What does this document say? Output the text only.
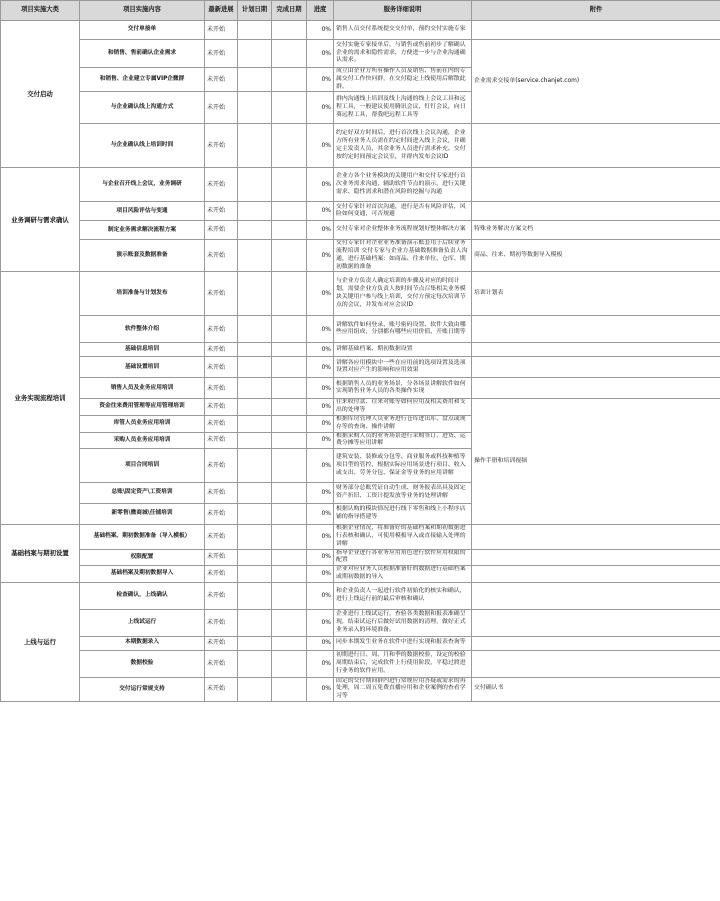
项目实施大类	项目实施内容	最新进展	计划日期	完成日期	进度	服务详细说明	附件
交付启动	交付单接单	未开始			0%	销售人员交付系统提交交付单，预约交付实施专家	
	和销售、售前确认企业需求	未开始			0%	交付实施专家接单后，与销售或售前初步了解确认企业的需求和隐性需求，方便进一步与企业沟通确认需求。	企业需求交接单(service.chanjet.com)

	和销售、企业建立专属VIP企微群	未开始			0%	成立由企业方所有操作人员及销售、售前在内的专属交付工作快问群，在交付稳定上线使用后解散此群。	
	与企业确认线上沟通方式	未开始			0%	群内沟通线上培训及线上沟通的线上会议工具和远程工具，一般建议使用腾讯会议、钉钉会议，向日葵远程工具，帮我吧远程工具等	
	与企业确认线上培训时间	未开始			0%	约定好双方时间后，进行首次线上会议沟通，企业方所有业务人员需在约定时间进入线上会议，并确定主发责人员，其余业务人员进行需求补充。交付按约定时间预定会议室，并群内发布会议ID	
业务调研与需求确认	与企业召开线上会议，业务调研	未开始			0%	企业方各个业务模块的关键用户和交付专家进行首次业务需求沟通，辅助软件节点的演示，进行关键需求、隐性需求和潜在风险的挖掘与沟通	
	项目风险评估与变通	未开始			0%	交付专家针对首次沟通，进行是否有风险评估，风险如何变通，可否规避	
	制定业务需求解决流程方案	未开始			0%	交付专家对企业整体业务流程规划好整体解决方案	特殊业务解决方案文档

	演示账套及数据准备	未开始			0%	交付专家针对企业业务准备演示账套用于后续业务流程培训 交付专家与企业方基础数据准备负责人沟通，进行基础档案：如商品、往来单位、仓库、期初数据的准备	商品、往来、期初等数据导入模板

业务实现流程培训	培训准备与计划发布	未开始			0%	与企业方负责人确定培训的步骤及对应的时间计划，需要企业方负责人按时间节点召集相关业务模块关键用户参与线上培训，交付方预定每次培训节点的会议，并发布对应会议ID	培训计划表

	软件整体介绍	未开始			0%	讲解软件如何登录、账号密码设置、软件大致由哪些应用组成，分别都有哪些应用价值、开账日期等	
	基础信息培训	未开始			0%	讲解基础档案、期初数据设置	
	基础设置培训	未开始			0%	讲解各应用模块中一些在应用前的选项设置及选项设置对应产生的影响和应用效果	
	销售人员及业务应用培训	未开始			0%	根据销售人员的业务场景，分各场景讲解软件如何实现销售业务人员的各类操作实现	
	资金往来费用管理等应用管理培训	未开始			0%	往来收付款、往来对账等如何应用及相关费用和支出的处理等	操作手册和培训视频

	库管人员业务应用培训	未开始			0%	根据库房管理人员业务进行仓库进出库、盘点或现存等的查询、操作讲解	
	采购人员业务应用培训	未开始			0%	根据采购人员的业务场景进行采购签订、进货、运费分摊等应用讲解	
	项目合同培训	未开始			0%	建筑安装、装修或分包等、商业服务或科技种植等项目型的管控，根据实际应用场景进行项目、收入或支出、劳务分包、保证金等业务的应用讲解	
	总账\固定资产\工资培训	未开始			0%	财务部分总账凭证自动生成、财务报表出具及固定资产折旧、工资计提发放等业务的处理讲解	
	新零售\微商城\任铺培训	未开始			0%	根据认购的模块情况进行线下零售和线上小程序店铺的指导搭建等	
基础档案与期初设置	基础档案、期初数据准备（导入模板）	未开始			0%	根据企业情况，将准备好的基础档案和期初数据进行表核和确认，可使用模板导入或直接输入处理的讲解	
	权限配置	未开始			0%	指导企业进行各业务应用角色进行软件应用权限的配置	
	基础档案及期初数据导入	未开始			0%	企业对应业务人员根据准备好的数据进行基础档案或期初数据的导入	
上线与运行	检查确认，上线确认	未开始			0%	和企业负责人一起进行软件初始化的核实和确认，进行上线运行前的最后审核和确认	
	上线试运行	未开始			0%	企业进行上线试运行，查验各类数据和报表准确呈现，结束试运行后做好试用数据的清理，做好正式业务录入的环境准备。	
	本期数据录入	未开始			0%	同步本期发生业务在软件中进行实现和报表查询等	
	数据校验	未开始			0%	初期进行日、周、月和季的数据校验，设定的校验周期结束后，完成软件上行使用阶段，平稳过渡进行业务的软件应用。	
	交付运行常规支持	未开始			0%	固定的交付期间群内进行常规应用答疑或需求的再处理，周二周五免费直播应用和企业案例的查看学习等	交付确认书
